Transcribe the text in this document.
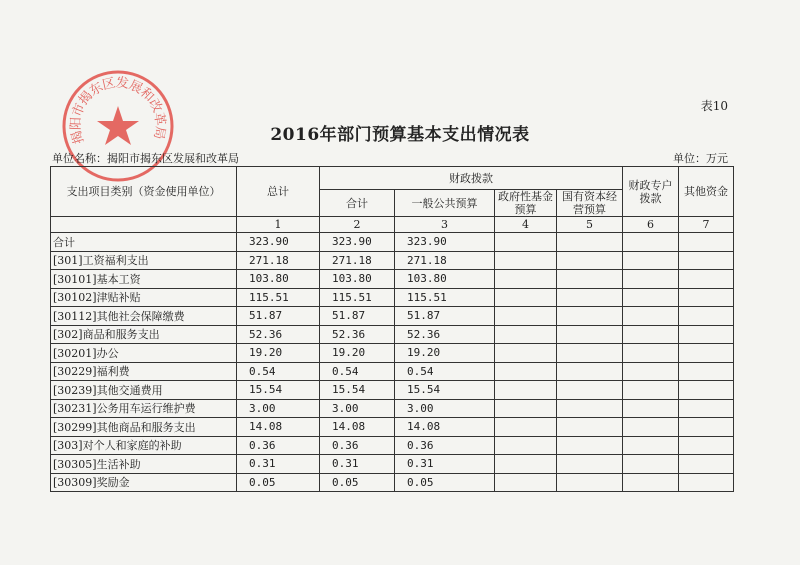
揭阳市揭东区发展和改革局
表10
2016年部门预算基本支出情况表
单位名称：揭阳市揭东区发展和改革局	单位：万元
支出项目类别（资金使用单位）	总计	财政拨款				财政专户拨款	其他资金
		合计	一般公共预算	政府性基金预算	国有资本经营预算		
	1	2	3	4	5	6	7
合计	323.90	323.90	323.90				
[301]工资福利支出	271.18	271.18	271.18				
[30101]基本工资	103.80	103.80	103.80				
[30102]津贴补贴	115.51	115.51	115.51				
[30112]其他社会保障缴费	51.87	51.87	51.87				
[302]商品和服务支出	52.36	52.36	52.36				
[30201]办公	19.20	19.20	19.20				
[30229]福利费	0.54	0.54	0.54				
[30239]其他交通费用	15.54	15.54	15.54				
[30231]公务用车运行维护费	3.00	3.00	3.00				
[30299]其他商品和服务支出	14.08	14.08	14.08				
[303]对个人和家庭的补助	0.36	0.36	0.36				
[30305]生活补助	0.31	0.31	0.31				
[30309]奖励金	0.05	0.05	0.05				
